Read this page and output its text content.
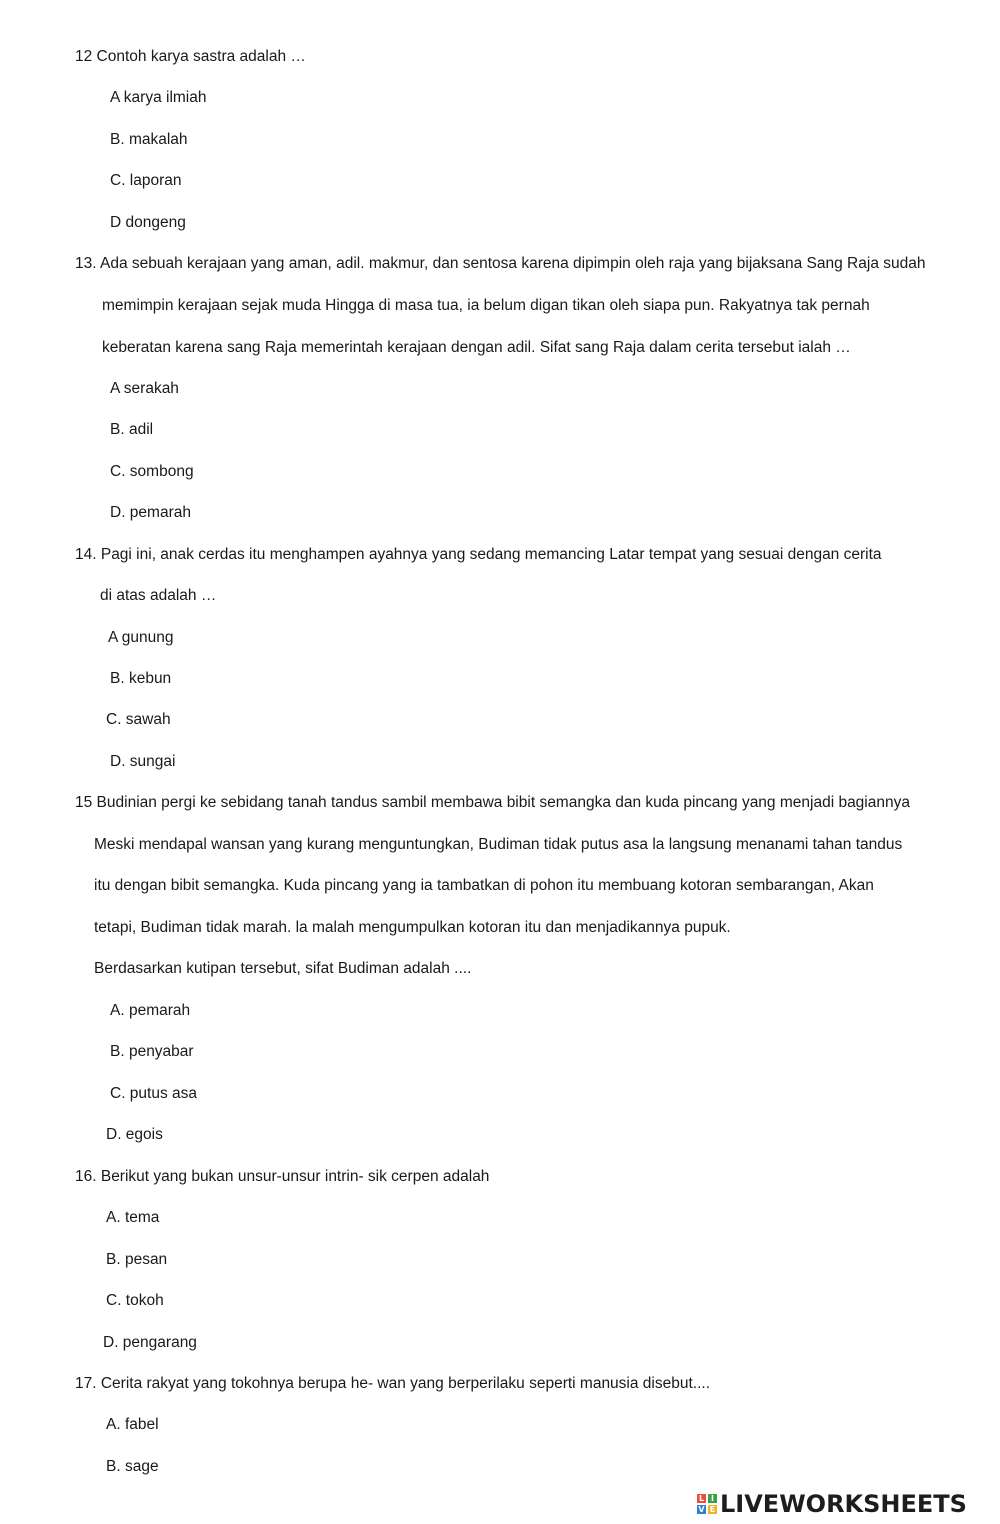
12 Contoh karya sastra adalah …
A karya ilmiah
B. makalah
C. laporan
D dongeng
13. Ada sebuah kerajaan yang aman, adil. makmur, dan sentosa karena dipimpin oleh raja yang bijaksana Sang Raja sudah
memimpin kerajaan sejak muda Hingga di masa tua, ia belum digan tikan oleh siapa pun. Rakyatnya tak pernah
keberatan karena sang Raja memerintah kerajaan dengan adil. Sifat sang Raja dalam cerita tersebut ialah …
A serakah
B. adil
C. sombong
D. pemarah
14. Pagi ini, anak cerdas itu menghampen ayahnya yang sedang memancing Latar tempat yang sesuai dengan cerita
di atas adalah …
A gunung
B. kebun
C. sawah
D. sungai
15 Budinian pergi ke sebidang tanah tandus sambil membawa bibit semangka dan kuda pincang yang menjadi bagiannya
Meski mendapal wansan yang kurang menguntungkan, Budiman tidak putus asa la langsung menanami tahan tandus
itu dengan bibit semangka. Kuda pincang yang ia tambatkan di pohon itu membuang kotoran sembarangan, Akan
tetapi, Budiman tidak marah. la malah mengumpulkan kotoran itu dan menjadikannya pupuk.
Berdasarkan kutipan tersebut, sifat Budiman adalah ....
A. pemarah
B. penyabar
C. putus asa
D. egois
16. Berikut yang bukan unsur-unsur intrin- sik cerpen adalah
A. tema
B. pesan
C. tokoh
D. pengarang
17. Cerita rakyat yang tokohnya berupa he- wan yang berperilaku seperti manusia disebut....
A. fabel
B. sage
L I
V E LIVEWORKSHEETS
